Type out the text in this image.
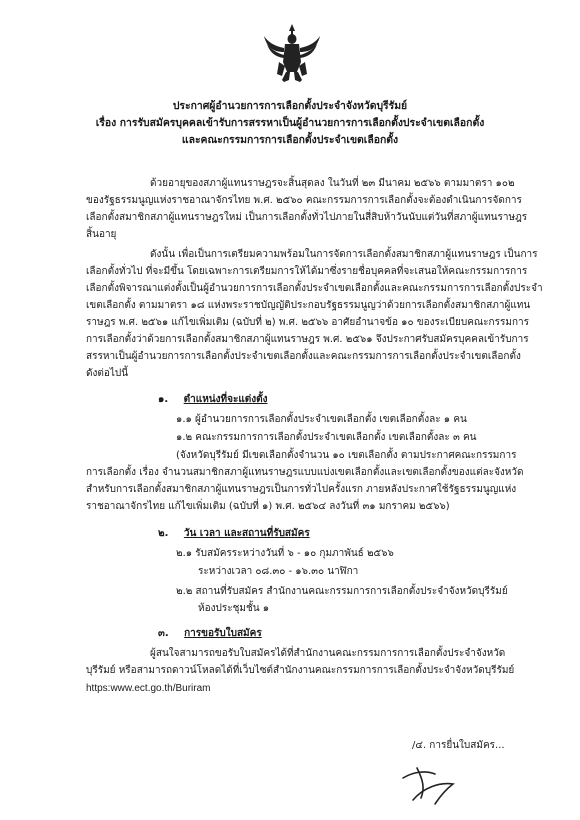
ประกาศผู้อำนวยการการเลือกตั้งประจำจังหวัดบุรีรัมย์
เรื่อง การรับสมัครบุคคลเข้ารับการสรรหาเป็นผู้อำนวยการการเลือกตั้งประจำเขตเลือกตั้ง
และคณะกรรมการการเลือกตั้งประจำเขตเลือกตั้ง
ด้วยอายุของสภาผู้แทนราษฎรจะสิ้นสุดลง ในวันที่ ๒๓ มีนาคม ๒๕๖๖ ตามมาตรา ๑๐๒
ของรัฐธรรมนูญแห่งราชอาณาจักรไทย พ.ศ. ๒๕๖๐ คณะกรรมการการเลือกตั้งจะต้องดำเนินการจัดการ
เลือกตั้งสมาชิกสภาผู้แทนราษฎรใหม่ เป็นการเลือกตั้งทั่วไปภายในสี่สิบห้าวันนับแต่วันที่สภาผู้แทนราษฎร
สิ้นอายุ
ดังนั้น เพื่อเป็นการเตรียมความพร้อมในการจัดการเลือกตั้งสมาชิกสภาผู้แทนราษฎร เป็นการ
เลือกตั้งทั่วไป ที่จะมีขึ้น โดยเฉพาะการเตรียมการให้ได้มาซึ่งรายชื่อบุคคลที่จะเสนอให้คณะกรรมการการ
เลือกตั้งพิจารณาแต่งตั้งเป็นผู้อำนวยการการเลือกตั้งประจำเขตเลือกตั้งและคณะกรรมการการเลือกตั้งประจำ
เขตเลือกตั้ง ตามมาตรา ๑๘ แห่งพระราชบัญญัติประกอบรัฐธรรมนูญว่าด้วยการเลือกตั้งสมาชิกสภาผู้แทน
ราษฎร พ.ศ. ๒๕๖๑ แก้ไขเพิ่มเติม (ฉบับที่ ๒) พ.ศ. ๒๕๖๖ อาศัยอำนาจข้อ ๑๐ ของระเบียบคณะกรรมการ
การเลือกตั้งว่าด้วยการเลือกตั้งสมาชิกสภาผู้แทนราษฎร พ.ศ. ๒๕๖๑ จึงประกาศรับสมัครบุคคลเข้ารับการ
สรรหาเป็นผู้อำนวยการการเลือกตั้งประจำเขตเลือกตั้งและคณะกรรมการการเลือกตั้งประจำเขตเลือกตั้ง
ดังต่อไปนี้
๑. ตำแหน่งที่จะแต่งตั้ง
๑.๑ ผู้อำนวยการการเลือกตั้งประจำเขตเลือกตั้ง เขตเลือกตั้งละ ๑ คน
๑.๒ คณะกรรมการการเลือกตั้งประจำเขตเลือกตั้ง เขตเลือกตั้งละ ๓ คน
(จังหวัดบุรีรัมย์ มีเขตเลือกตั้งจำนวน ๑๐ เขตเลือกตั้ง ตามประกาศคณะกรรมการ
การเลือกตั้ง เรื่อง จำนวนสมาชิกสภาผู้แทนราษฎรแบบแบ่งเขตเลือกตั้งและเขตเลือกตั้งของแต่ละจังหวัด
สำหรับการเลือกตั้งสมาชิกสภาผู้แทนราษฎรเป็นการทั่วไปครั้งแรก ภายหลังประกาศใช้รัฐธรรมนูญแห่ง
ราชอาณาจักรไทย แก้ไขเพิ่มเติม (ฉบับที่ ๑) พ.ศ. ๒๕๖๔ ลงวันที่ ๓๑ มกราคม ๒๕๖๖)
๒. วัน เวลา และสถานที่รับสมัคร
๒.๑ รับสมัครระหว่างวันที่ ๖ - ๑๐ กุมภาพันธ์ ๒๕๖๖
ระหว่างเวลา ๐๘.๓๐ - ๑๖.๓๐ นาฬิกา
๒.๒ สถานที่รับสมัคร สำนักงานคณะกรรมการการเลือกตั้งประจำจังหวัดบุรีรัมย์
ห้องประชุมชั้น ๑
๓. การขอรับใบสมัคร
ผู้สนใจสามารถขอรับใบสมัครได้ที่สำนักงานคณะกรรมการการเลือกตั้งประจำจังหวัด
บุรีรัมย์ หรือสามารถดาวน์โหลดได้ที่เว็บไซต์สำนักงานคณะกรรมการการเลือกตั้งประจำจังหวัดบุรีรัมย์
https:www.ect.go.th/Buriram
/๔. การยื่นใบสมัคร...
